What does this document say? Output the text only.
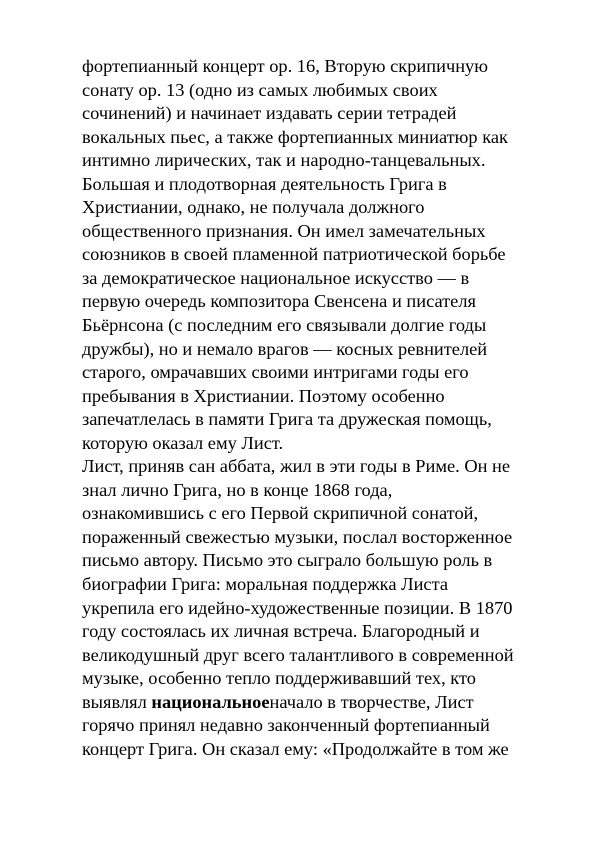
фортепианный концерт ор. 16, Вторую скрипичную
сонату ор. 13 (одно из самых любимых своих
сочинений) и начинает издавать серии тетрадей
вокальных пьес, а также фортепианных миниатюр как
интимно лирических, так и народно-танцевальных.
Большая и плодотворная деятельность Грига в
Христиании, однако, не получала должного
общественного признания. Он имел замечательных
союзников в своей пламенной патриотической борьбе
за демократическое национальное искусство — в
первую очередь композитора Свенсена и писателя
Бьёрнсона (с последним его связывали долгие годы
дружбы), но и немало врагов — косных ревнителей
старого, омрачавших своими интригами годы его
пребывания в Христиании. Поэтому особенно
запечатлелась в памяти Грига та дружеская помощь,
которую оказал ему Лист.
Лист, приняв сан аббата, жил в эти годы в Риме. Он не
знал лично Грига, но в конце 1868 года,
ознакомившись с его Первой скрипичной сонатой,
пораженный свежестью музыки, послал восторженное
письмо автору. Письмо это сыграло большую роль в
биографии Грига: моральная поддержка Листа
укрепила его идейно-художественные позиции. В 1870
году состоялась их личная встреча. Благородный и
великодушный друг всего талантливого в современной
музыке, особенно тепло поддерживавший тех, кто
выявлял национальноеначало в творчестве, Лист
горячо принял недавно законченный фортепианный
концерт Грига. Он сказал ему: «Продолжайте в том же
